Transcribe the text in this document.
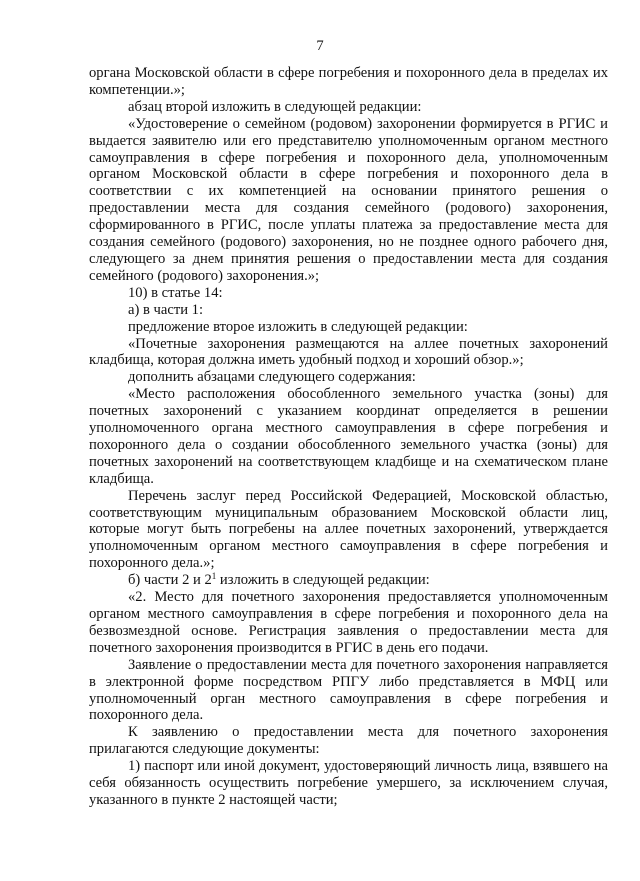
7

органа Московской области в сфере погребения и похоронного дела в пределах их компетенции.»;

абзац второй изложить в следующей редакции:

«Удостоверение о семейном (родовом) захоронении формируется в РГИС и выдается заявителю или его представителю уполномоченным органом местного самоуправления в сфере погребения и похоронного дела, уполномоченным органом Московской области в сфере погребения и похоронного дела в соответствии с их компетенцией на основании принятого решения о предоставлении места для создания семейного (родового) захоронения, сформированного в РГИС, после уплаты платежа за предоставление места для создания семейного (родового) захоронения, но не позднее одного рабочего дня, следующего за днем принятия решения о предоставлении места для создания семейного (родового) захоронения.»;

10) в статье 14:

а) в части 1:

предложение второе изложить в следующей редакции:

«Почетные захоронения размещаются на аллее почетных захоронений кладбища, которая должна иметь удобный подход и хороший обзор.»;

дополнить абзацами следующего содержания:

«Место расположения обособленного земельного участка (зоны) для почетных захоронений с указанием координат определяется в решении уполномоченного органа местного самоуправления в сфере погребения и похоронного дела о создании обособленного земельного участка (зоны) для почетных захоронений на соответствующем кладбище и на схематическом плане кладбища.

Перечень заслуг перед Российской Федерацией, Московской областью, соответствующим муниципальным образованием Московской области лиц, которые могут быть погребены на аллее почетных захоронений, утверждается уполномоченным органом местного самоуправления в сфере погребения и похоронного дела.»;

б) части 2 и $2^1$ изложить в следующей редакции:

«2. Место для почетного захоронения предоставляется уполномоченным органом местного самоуправления в сфере погребения и похоронного дела на безвозмездной основе. Регистрация заявления о предоставлении места для почетного захоронения производится в РГИС в день его подачи.

Заявление о предоставлении места для почетного захоронения направляется в электронной форме посредством РПГУ либо представляется в МФЦ или уполномоченный орган местного самоуправления в сфере погребения и похоронного дела.

К заявлению о предоставлении места для почетного захоронения прилагаются следующие документы:

1) паспорт или иной документ, удостоверяющий личность лица, взявшего на себя обязанность осуществить погребение умершего, за исключением случая, указанного в пункте 2 настоящей части;
